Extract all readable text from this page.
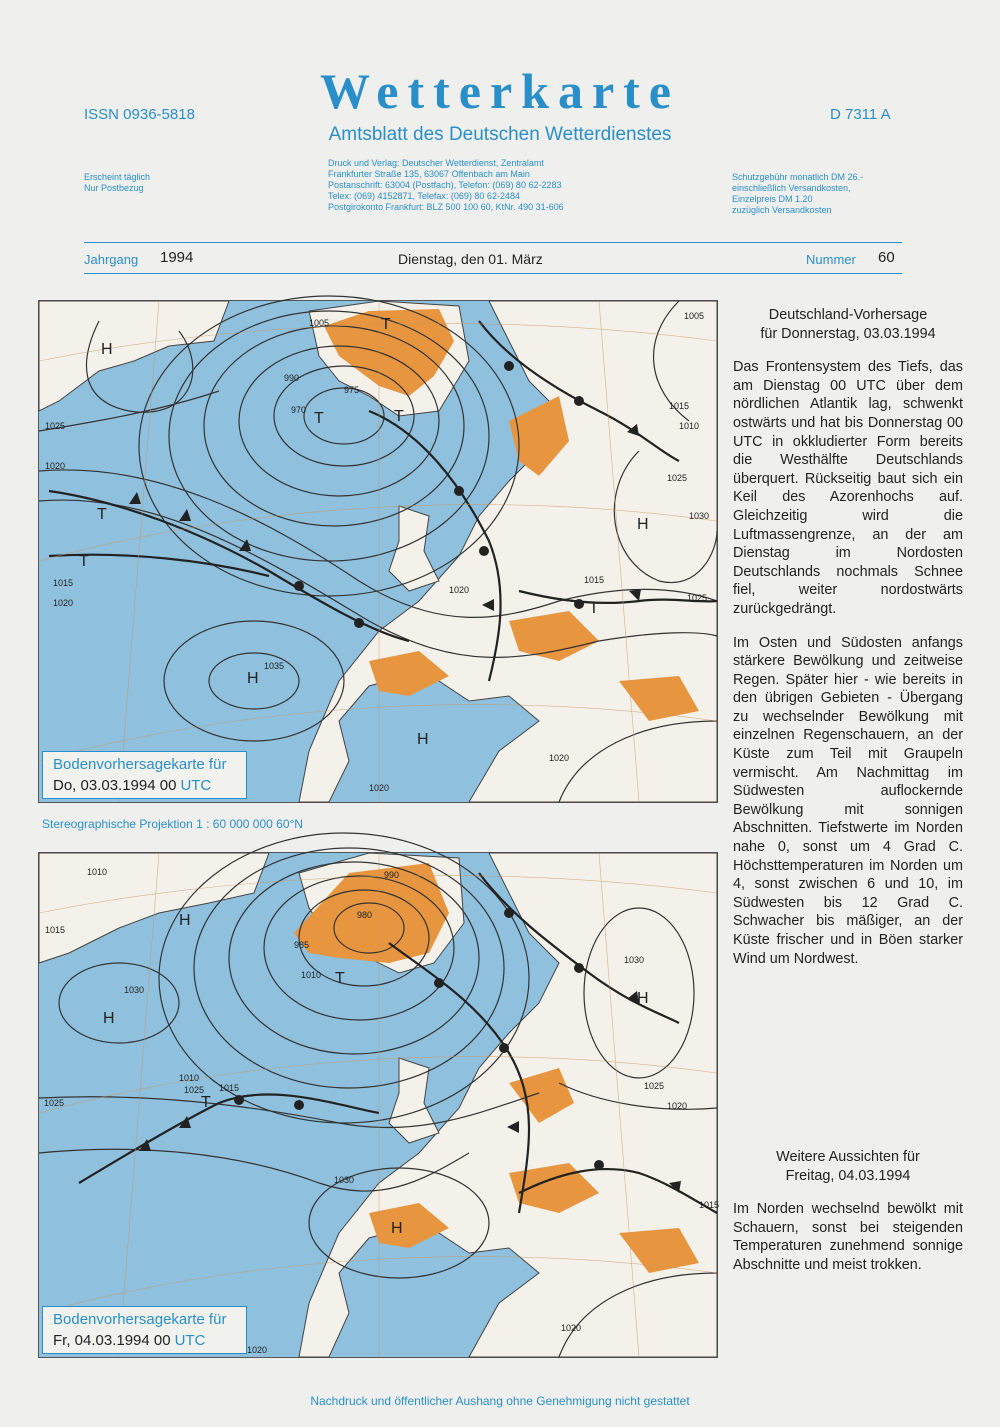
ISSN 0936-5818	Wetterkarte
Amtsblatt des Deutschen Wetterdienstes
D 7311 A
Erscheint täglich
Nur Postbezug
Druck und Verlag: Deutscher Wetterdienst, Zentralamt
Frankfurter Straße 135, 63067 Offenbach am Main
Postanschrift: 63004 (Postfach), Telefon: (069) 80 62-2283
Telex: (069) 4152871, Telefax: (069) 80 62-2484
Postgirokonto Frankfurt: BLZ 500 100 60, KtNr. 490 31-606
Schutzgebühr monatlich DM 26.-
einschließlich Versandkosten,
Einzelpreis DM 1.20
zuzüglich Versandkosten
Jahrgang 1994	Dienstag, den 01. März	Nummer 60
1005
1005
990
975
970
1025
1020
1015
1020
1035
1020
1015
1025
1030
1015
1010
1025
1020
1020
H
T
T	T
T
H
H
H
T
T
Bodenvorhersagekarte für
Do, 03.03.1994 00 UTC
Stereographische Projektion 1 : 60 000 000 60°N
1010
1015
1030
990
980
985
1010
1025 1015
1010
1025
1030
1030
1025
1020
1015
1020
1020
H
H
T
T
H
H
Bodenvorhersagekarte für
Fr, 04.03.1994 00 UTC
Deutschland-Vorhersage
für Donnerstag, 03.03.1994

Das Frontensystem des Tiefs, das am Dienstag 00 UTC über dem nördlichen Atlantik lag, schwenkt ostwärts und hat bis Donnerstag 00 UTC in okkludierter Form bereits die Westhälfte Deutschlands überquert. Rückseitig baut sich ein Keil des Azorenhochs auf. Gleichzeitig wird die Luftmassengrenze, an der am Dienstag im Nordosten Deutschlands nochmals Schnee fiel, weiter nordostwärts zurückgedrängt.

Im Osten und Südosten anfangs stärkere Bewölkung und zeitweise Regen. Später hier - wie bereits in den übrigen Gebieten - Übergang zu wechselnder Bewölkung mit einzelnen Regenschauern, an der Küste zum Teil mit Graupeln vermischt. Am Nachmittag im Südwesten auflockernde Bewölkung mit sonnigen Abschnitten. Tiefstwerte im Norden nahe 0, sonst um 4 Grad C. Höchsttemperaturen im Norden um 4, sonst zwischen 6 und 10, im Südwesten bis 12 Grad C. Schwacher bis mäßiger, an der Küste frischer und in Böen starker Wind um Nordwest.

Weitere Aussichten für
Freitag, 04.03.1994

Im Norden wechselnd bewölkt mit Schauern, sonst bei steigenden Temperaturen zunehmend sonnige Abschnitte und meist trokken.

Nachdruck und öffentlicher Aushang ohne Genehmigung nicht gestattet
